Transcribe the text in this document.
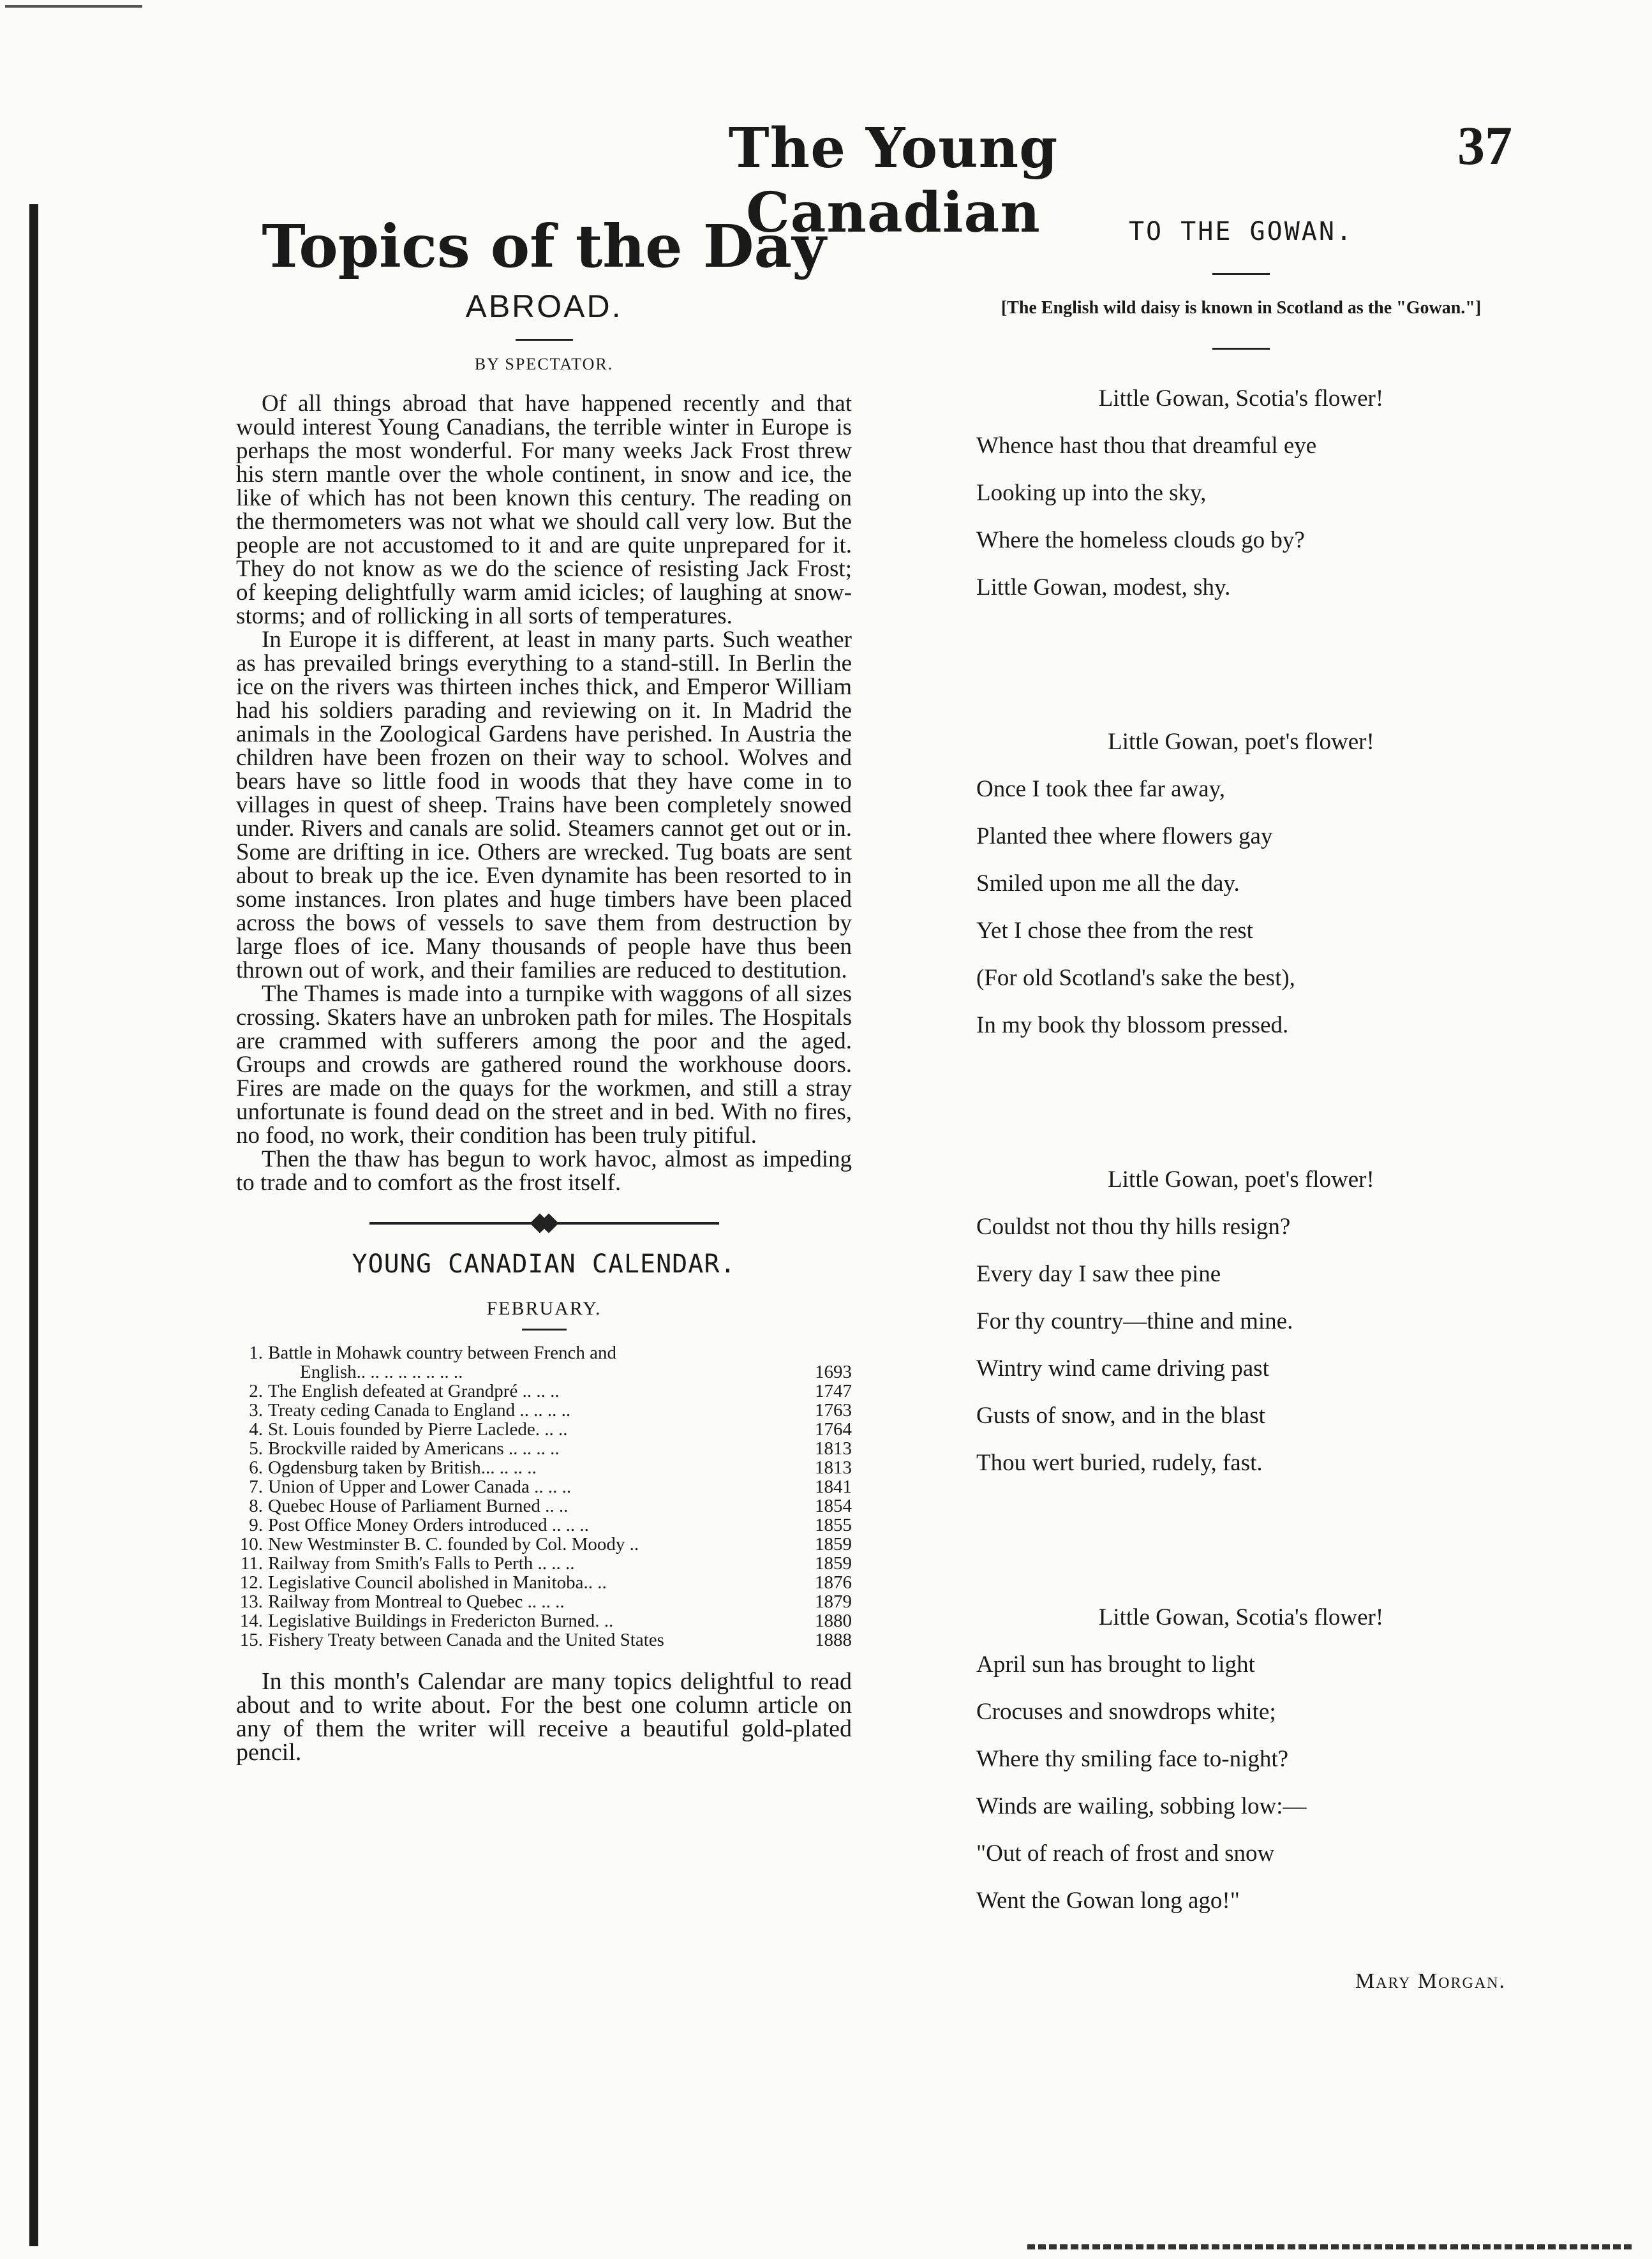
The Young Canadian
37
Topics of the Day
ABROAD.
BY SPECTATOR.

Of all things abroad that have happened recently and that would interest Young Canadians, the terrible winter in Europe is perhaps the most wonderful. For many weeks Jack Frost threw his stern mantle over the whole continent, in snow and ice, the like of which has not been known this century. The reading on the thermometers was not what we should call very low. But the people are not accustomed to it and are quite unprepared for it. They do not know as we do the science of resisting Jack Frost; of keeping delightfully warm amid icicles; of laughing at snow-storms; and of rollicking in all sorts of temperatures.

In Europe it is different, at least in many parts. Such weather as has prevailed brings everything to a stand-still. In Berlin the ice on the rivers was thirteen inches thick, and Emperor William had his soldiers parading and reviewing on it. In Madrid the animals in the Zoological Gardens have perished. In Austria the children have been frozen on their way to school. Wolves and bears have so little food in woods that they have come in to villages in quest of sheep. Trains have been completely snowed under. Rivers and canals are solid. Steamers cannot get out or in. Some are drifting in ice. Others are wrecked. Tug boats are sent about to break up the ice. Even dynamite has been resorted to in some instances. Iron plates and huge timbers have been placed across the bows of vessels to save them from destruction by large floes of ice. Many thousands of people have thus been thrown out of work, and their families are reduced to destitution.

The Thames is made into a turnpike with waggons of all sizes crossing. Skaters have an unbroken path for miles. The Hospitals are crammed with sufferers among the poor and the aged. Groups and crowds are gathered round the workhouse doors. Fires are made on the quays for the workmen, and still a stray unfortunate is found dead on the street and in bed. With no fires, no food, no work, their condition has been truly pitiful.

Then the thaw has begun to work havoc, almost as impeding to trade and to comfort as the frost itself.

YOUNG CANADIAN CALENDAR.
FEBRUARY.
1. Battle in Mohawk country between French and
English.. .. .. .. .. .. .. ..	1693
2. The English defeated at Grandpré .. .. ..	1747
3. Treaty ceding Canada to England .. .. .. ..	1763
4. St. Louis founded by Pierre Laclede. .. ..	1764
5. Brockville raided by Americans .. .. .. ..	1813
6. Ogdensburg taken by British... .. .. ..	1813
7. Union of Upper and Lower Canada .. .. ..	1841
8. Quebec House of Parliament Burned .. ..	1854
9. Post Office Money Orders introduced .. .. ..	1855
10. New Westminster B. C. founded by Col. Moody ..	1859
11. Railway from Smith's Falls to Perth .. .. ..	1859
12. Legislative Council abolished in Manitoba.. ..	1876
13. Railway from Montreal to Quebec .. .. ..	1879
14. Legislative Buildings in Fredericton Burned. ..	1880
15. Fishery Treaty between Canada and the United States	1888

In this month's Calendar are many topics delightful to read about and to write about. For the best one column article on any of them the writer will receive a beautiful gold-plated pencil.

TO THE GOWAN.
[The English wild daisy is known in Scotland as the "Gowan."]
Little Gowan, Scotia's flower!
Whence hast thou that dreamful eye
Looking up into the sky,
Where the homeless clouds go by?
Little Gowan, modest, shy.
Little Gowan, poet's flower!
Once I took thee far away,
Planted thee where flowers gay
Smiled upon me all the day.
Yet I chose thee from the rest
(For old Scotland's sake the best),
In my book thy blossom pressed.
Little Gowan, poet's flower!
Couldst not thou thy hills resign?
Every day I saw thee pine
For thy country—thine and mine.
Wintry wind came driving past
Gusts of snow, and in the blast
Thou wert buried, rudely, fast.
Little Gowan, Scotia's flower!
April sun has brought to light
Crocuses and snowdrops white;
Where thy smiling face to-night?
Winds are wailing, sobbing low:—
"Out of reach of frost and snow
Went the Gowan long ago!"
Mary Morgan.
